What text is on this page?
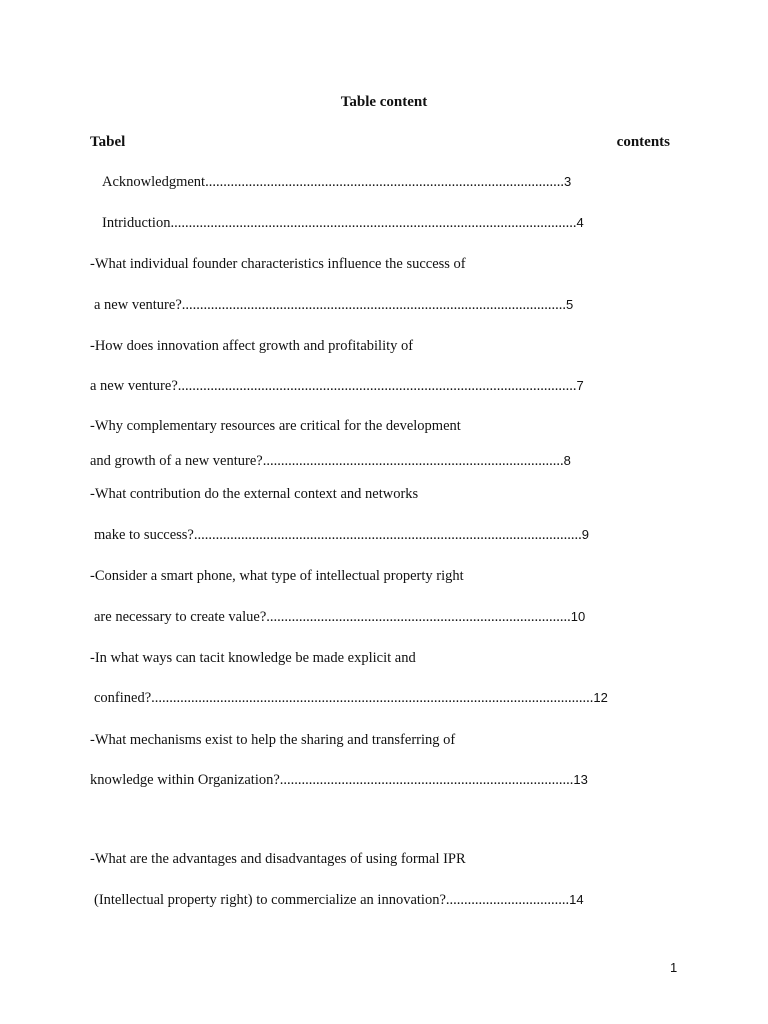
Table content
Tabel	contents
Acknowledgment...................................................................................................3
Intriduction................................................................................................................4
-What individual founder characteristics influence the success of
a new venture?..........................................................................................................5
-How does innovation affect growth and profitability of
a new venture?..............................................................................................................7
-Why complementary resources are critical for the development
and growth of a new venture?...................................................................................8
-What contribution do the external context and networks
make to success?...........................................................................................................9
-Consider a smart phone, what type of intellectual property right
are necessary to create value?....................................................................................10
-In what ways can tacit knowledge be made explicit and
confined?..........................................................................................................................12
-What mechanisms exist to help the sharing and transferring of
knowledge within Organization?.................................................................................13
-What are the advantages and disadvantages of using formal IPR
(Intellectual property right) to commercialize an innovation?..................................14
1
